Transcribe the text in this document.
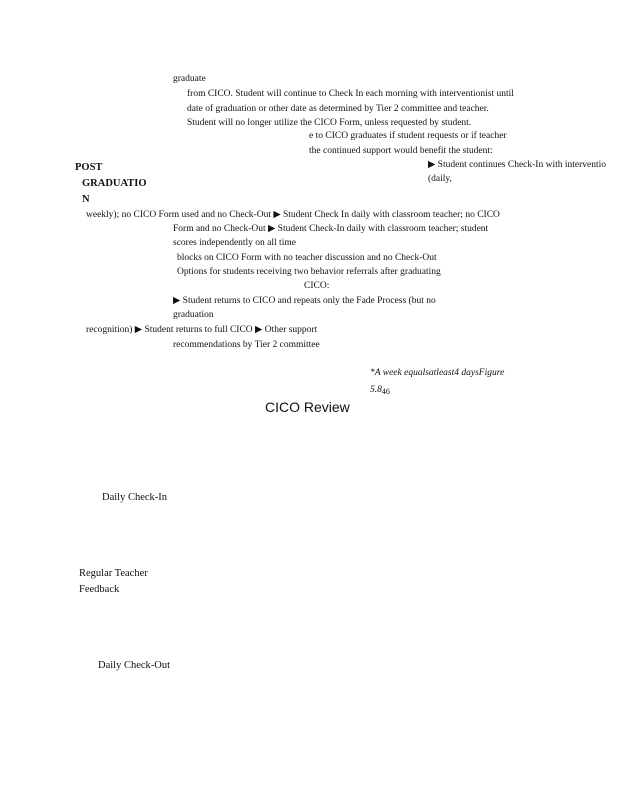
graduate
from CICO. Student will continue to Check In each morning with interventionist until
date of graduation or other date as determined by Tier 2 committee and teacher.
Student will no longer utilize the CICO Form, unless requested by student.
e to CICO graduates if student requests or if teacher
the continued support would benefit the student:
▶ Student continues Check-In with interventio
(daily,
POST
GRADUATIO
N
weekly); no CICO Form used and no Check-Out ▶ Student Check In daily with classroom teacher; no CICO
Form and no Check-Out ▶ Student Check-In daily with classroom teacher; student
scores independently on all time
blocks on CICO Form with no teacher discussion and no Check-Out
Options for students receiving two behavior referrals after graduating
CICO:
▶ Student returns to CICO and repeats only the Fade Process (but no
graduation
recognition) ▶ Student returns to full CICO ▶ Other support
recommendations by Tier 2 committee
*A week equalsatleast4 daysFigure
$5.8_{46}$
CICO Review
Daily Check-In
Regular Teacher
Feedback
Daily Check-Out
